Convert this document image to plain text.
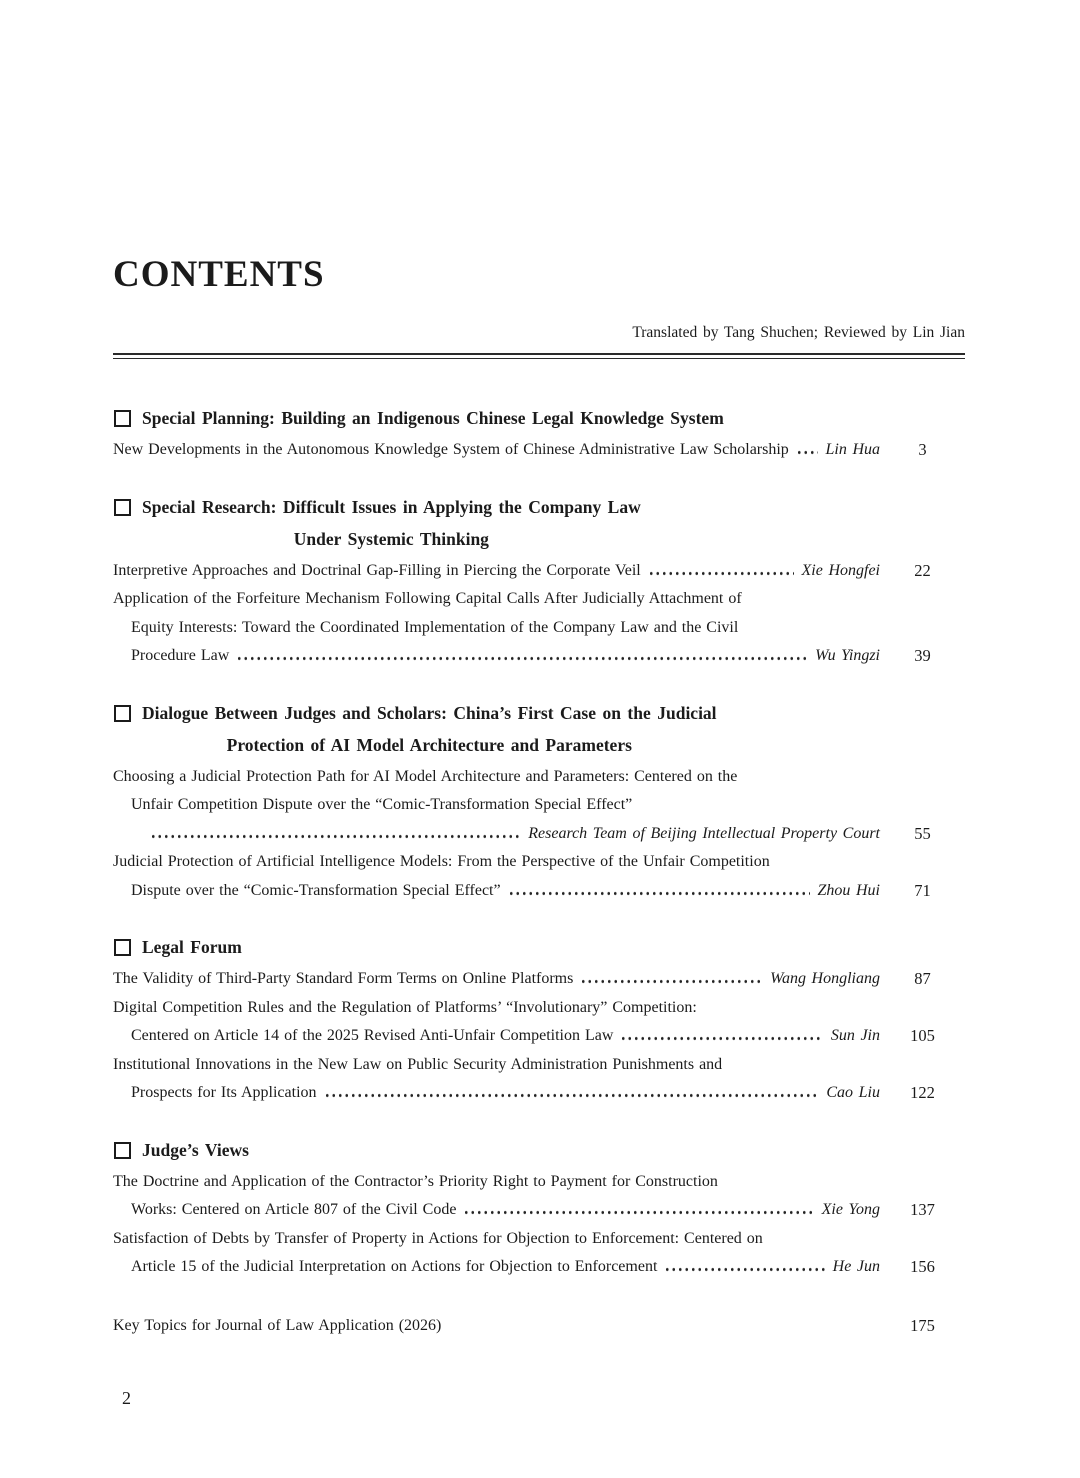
CONTENTS
Translated by Tang Shuchen; Reviewed by Lin Jian
Special Planning: Building an Indigenous Chinese Legal Knowledge System
New Developments in the Autonomous Knowledge System of Chinese Administrative Law Scholarship Lin Hua	3
Special Research: Difficult Issues in Applying the Company Law
Under Systemic Thinking
Interpretive Approaches and Doctrinal Gap-Filling in Piercing the Corporate Veil	Xie Hongfei	22
Application of the Forfeiture Mechanism Following Capital Calls After Judicially Attachment of
Equity Interests: Toward the Coordinated Implementation of the Company Law and the Civil
Procedure Law	Wu Yingzi	39
Dialogue Between Judges and Scholars: China’s First Case on the Judicial
Protection of AI Model Architecture and Parameters
Choosing a Judicial Protection Path for AI Model Architecture and Parameters: Centered on the
Unfair Competition Dispute over the “Comic-Transformation Special Effect”
Research Team of Beijing Intellectual Property Court	55
Judicial Protection of Artificial Intelligence Models: From the Perspective of the Unfair Competition
Dispute over the “Comic-Transformation Special Effect”	Zhou Hui	71
Legal Forum
The Validity of Third-Party Standard Form Terms on Online Platforms	Wang Hongliang	87
Digital Competition Rules and the Regulation of Platforms’ “Involutionary” Competition:
Centered on Article 14 of the 2025 Revised Anti-Unfair Competition Law	Sun Jin	105
Institutional Innovations in the New Law on Public Security Administration Punishments and
Prospects for Its Application	Cao Liu	122
Judge’s Views
The Doctrine and Application of the Contractor’s Priority Right to Payment for Construction
Works: Centered on Article 807 of the Civil Code	Xie Yong	137
Satisfaction of Debts by Transfer of Property in Actions for Objection to Enforcement: Centered on
Article 15 of the Judicial Interpretation on Actions for Objection to Enforcement	He Jun	156
Key Topics for Journal of Law Application (2026)	175
2
